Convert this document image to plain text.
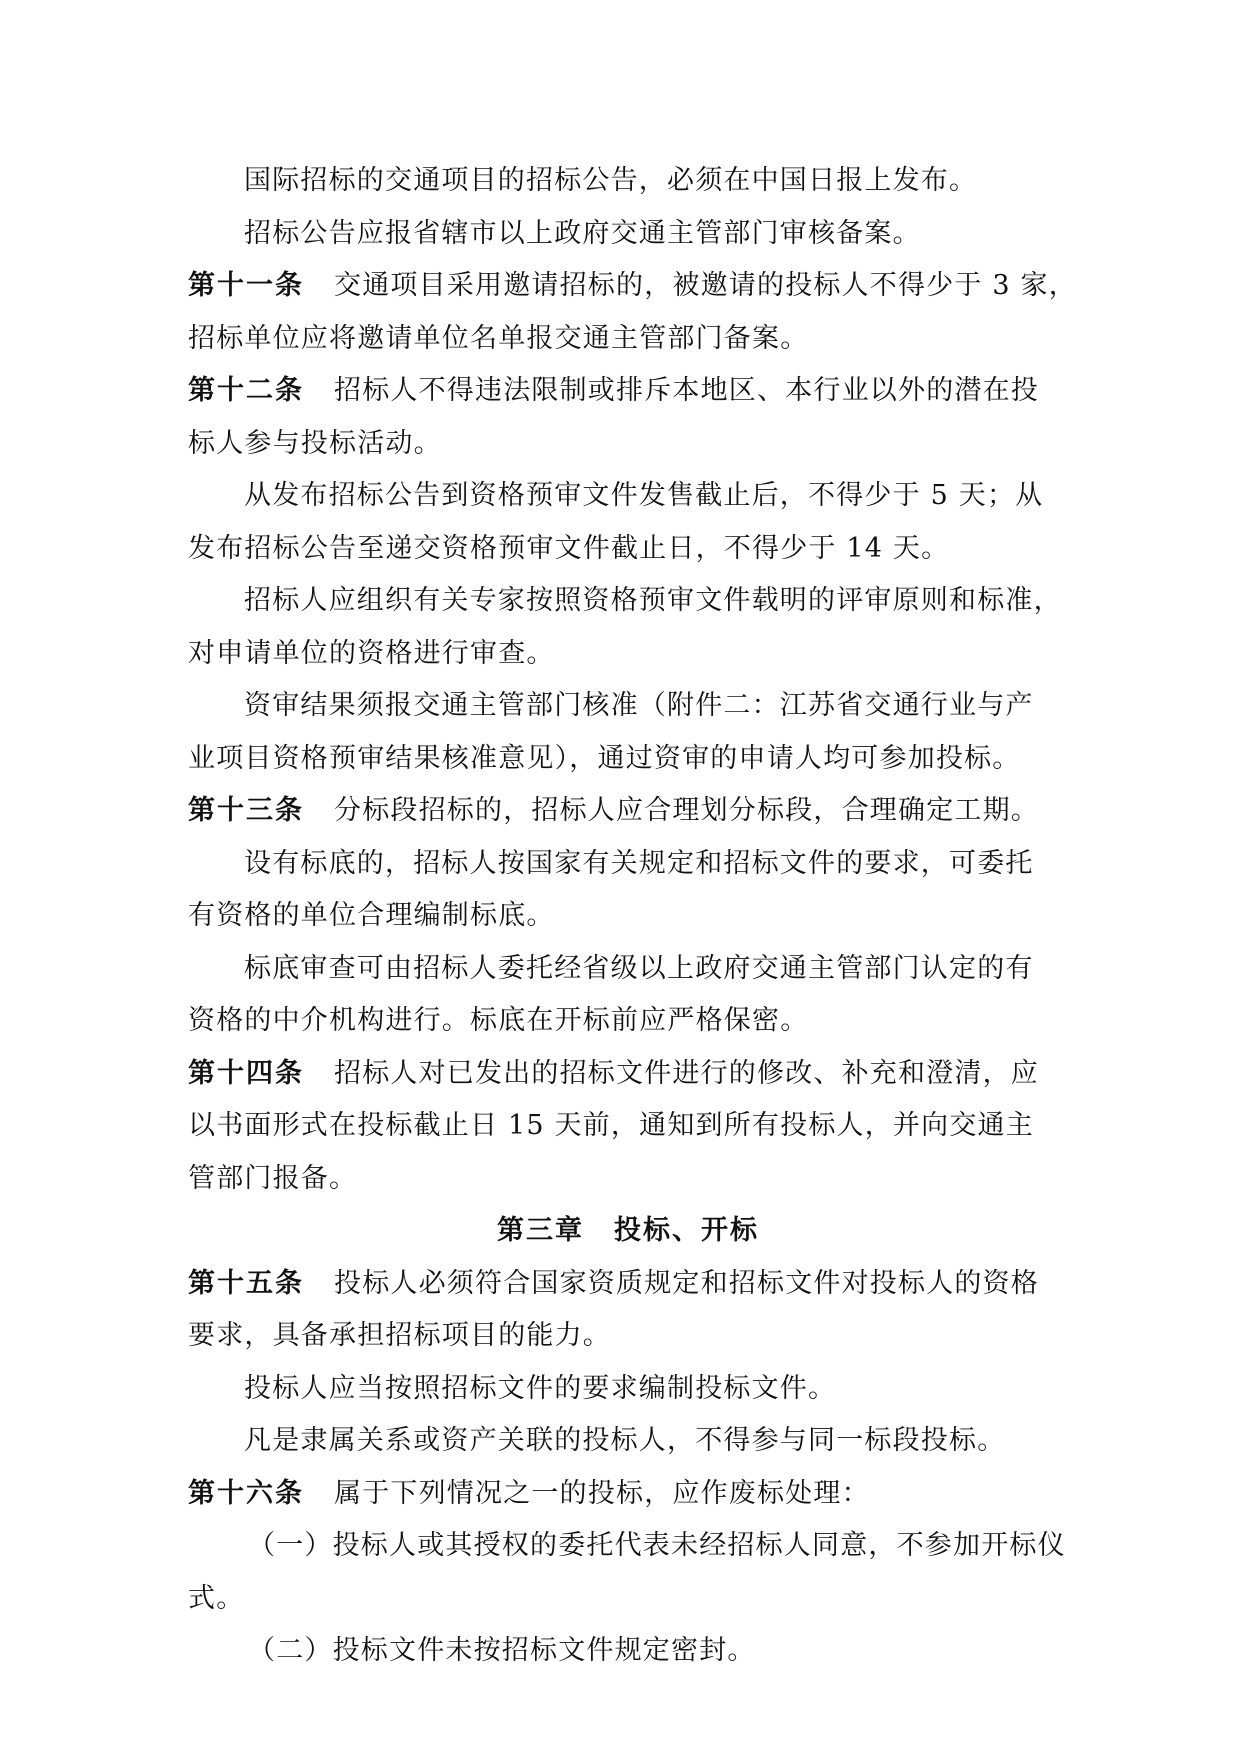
国际招标的交通项目的招标公告，必须在中国日报上发布。
招标公告应报省辖市以上政府交通主管部门审核备案。
第十一条 交通项目采用邀请招标的，被邀请的投标人不得少于 3 家，
招标单位应将邀请单位名单报交通主管部门备案。
第十二条 招标人不得违法限制或排斥本地区、本行业以外的潜在投
标人参与投标活动。
从发布招标公告到资格预审文件发售截止后，不得少于 5 天；从
发布招标公告至递交资格预审文件截止日，不得少于 14 天。
招标人应组织有关专家按照资格预审文件载明的评审原则和标准，
对申请单位的资格进行审查。
资审结果须报交通主管部门核准（附件二：江苏省交通行业与产
业项目资格预审结果核准意见），通过资审的申请人均可参加投标。
第十三条 分标段招标的，招标人应合理划分标段，合理确定工期。
设有标底的，招标人按国家有关规定和招标文件的要求，可委托
有资格的单位合理编制标底。
标底审查可由招标人委托经省级以上政府交通主管部门认定的有
资格的中介机构进行。标底在开标前应严格保密。
第十四条 招标人对已发出的招标文件进行的修改、补充和澄清，应
以书面形式在投标截止日 15 天前，通知到所有投标人，并向交通主
管部门报备。
第三章 投标、开标
第十五条 投标人必须符合国家资质规定和招标文件对投标人的资格
要求，具备承担招标项目的能力。
投标人应当按照招标文件的要求编制投标文件。
凡是隶属关系或资产关联的投标人，不得参与同一标段投标。
第十六条 属于下列情况之一的投标，应作废标处理：
（一）投标人或其授权的委托代表未经招标人同意，不参加开标仪
式。
（二）投标文件未按招标文件规定密封。
